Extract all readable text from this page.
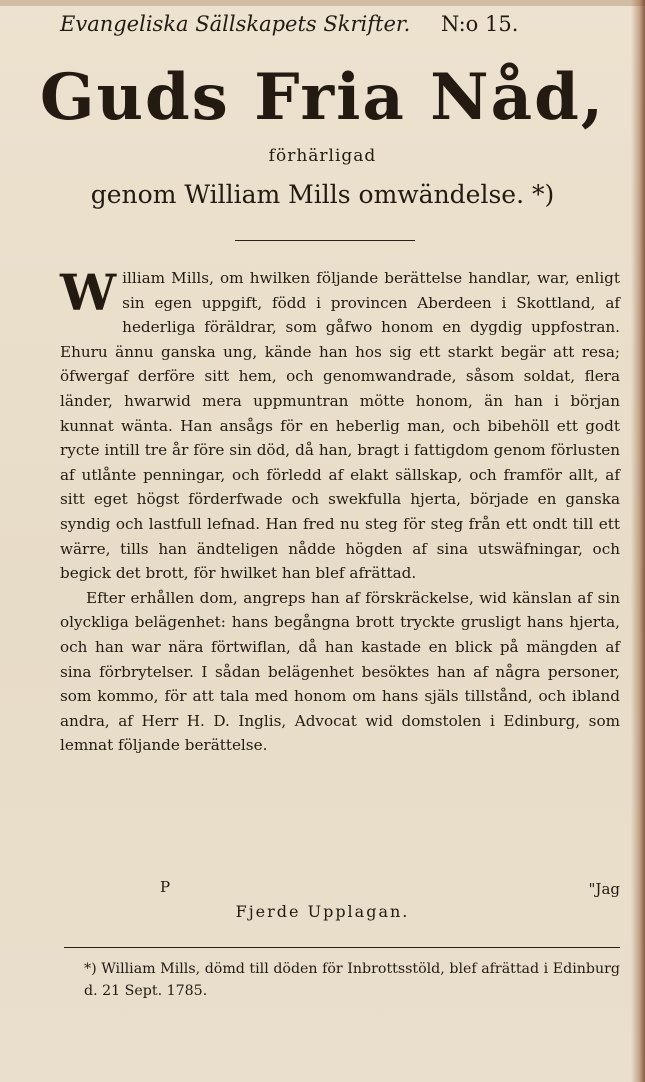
Evangeliska Sällskapets Skrifter. N:o 15.
Guds Fria Nåd,
förhärligad
genom William Mills omwändelse. *)

William Mills, om hwilken följande berättelse handlar, war, enligt sin egen uppgift, född i provincen Aberdeen i Skottland, af hederliga föräldrar, som gåfwo honom en dygdig uppfostran. Ehuru ännu ganska ung, kände han hos sig ett starkt begär att resa; öfwergaf derföre sitt hem, och genomwandrade, såsom soldat, flera länder, hwarwid mera uppmuntran mötte honom, än han i början kunnat wänta. Han ansågs för en heberlig man, och bibehöll ett godt rycte intill tre år före sin död, då han, bragt i fattigdom genom förlusten af utlånte penningar, och förledd af elakt sällskap, och framför allt, af sitt eget högst förderfwade och swekfulla hjerta, började en ganska syndig och lastfull lefnad. Han fred nu steg för steg från ett ondt till ett wärre, tills han ändteligen nådde högden af sina utswäfningar, och begick det brott, för hwilket han blef afrättad.

Efter erhållen dom, angreps han af förskräckelse, wid känslan af sin olyckliga belägenhet: hans begångna brott tryckte grusligt hans hjerta, och han war nära förtwiflan, då han kastade en blick på mängden af sina förbrytelser. I sådan belägenhet besöktes han af några personer, som kommo, för att tala med honom om hans själs tillstånd, och ibland andra, af Herr H. D. Inglis, Advocat wid domstolen i Edinburg, som lemnat följande berättelse.

P	"Jag
Fjerde Upplagan.
*) William Mills, dömd till döden för Inbrottsstöld, blef afrättad i Edinburg d. 21 Sept. 1785.
